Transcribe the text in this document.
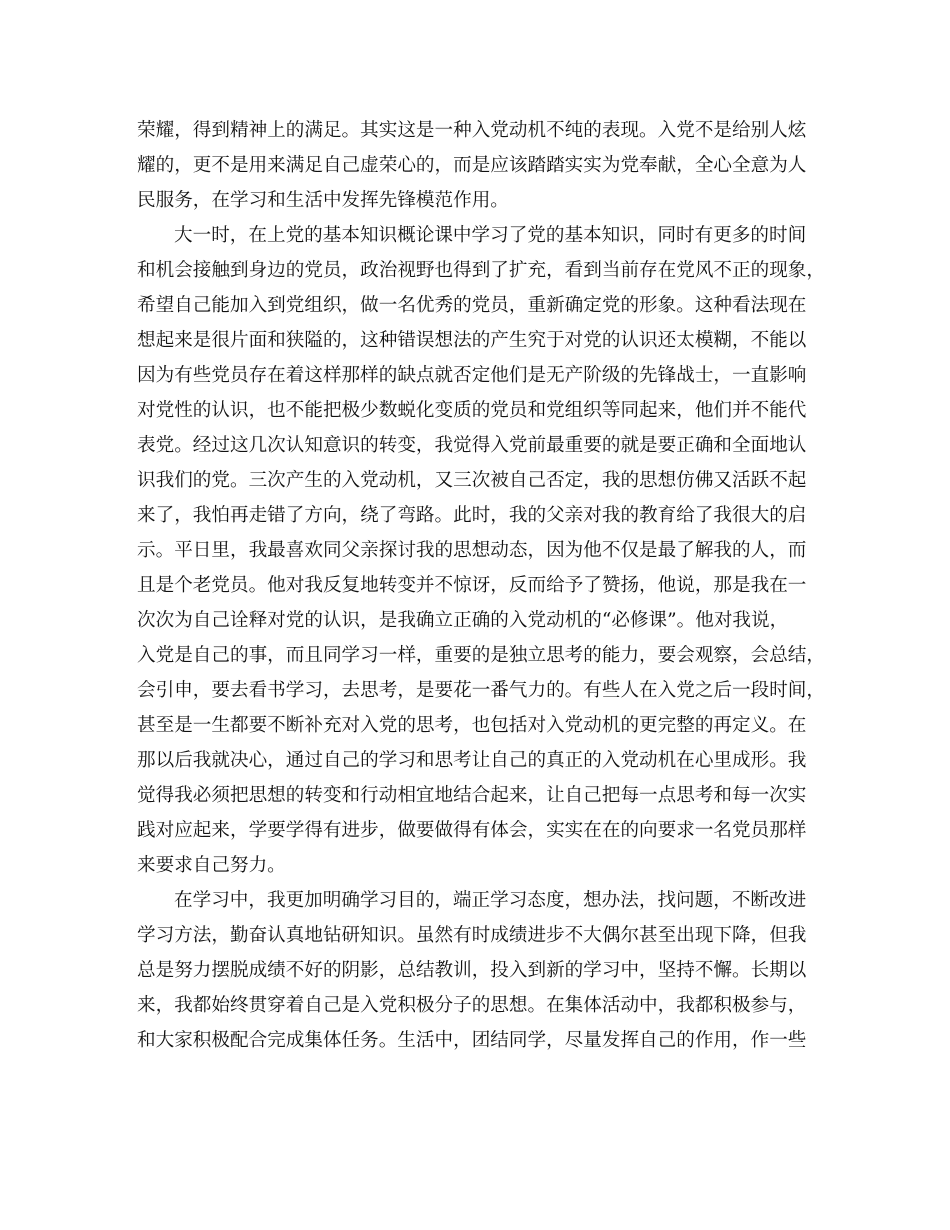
荣耀，得到精神上的满足。其实这是一种入党动机不纯的表现。入党不是给别人炫
耀的，更不是用来满足自己虚荣心的，而是应该踏踏实实为党奉献，全心全意为人
民服务，在学习和生活中发挥先锋模范作用。
大一时，在上党的基本知识概论课中学习了党的基本知识，同时有更多的时间
和机会接触到身边的党员，政治视野也得到了扩充，看到当前存在党风不正的现象，
希望自己能加入到党组织，做一名优秀的党员，重新确定党的形象。这种看法现在
想起来是很片面和狭隘的，这种错误想法的产生究于对党的认识还太模糊，不能以
因为有些党员存在着这样那样的缺点就否定他们是无产阶级的先锋战士，一直影响
对党性的认识，也不能把极少数蜕化变质的党员和党组织等同起来，他们并不能代
表党。经过这几次认知意识的转变，我觉得入党前最重要的就是要正确和全面地认
识我们的党。三次产生的入党动机，又三次被自己否定，我的思想仿佛又活跃不起
来了，我怕再走错了方向，绕了弯路。此时，我的父亲对我的教育给了我很大的启
示。平日里，我最喜欢同父亲探讨我的思想动态，因为他不仅是最了解我的人，而
且是个老党员。他对我反复地转变并不惊讶，反而给予了赞扬，他说，那是我在一
次次为自己诠释对党的认识，是我确立正确的入党动机的“必修课”。他对我说，
入党是自己的事，而且同学习一样，重要的是独立思考的能力，要会观察，会总结，
会引申，要去看书学习，去思考，是要花一番气力的。有些人在入党之后一段时间，
甚至是一生都要不断补充对入党的思考，也包括对入党动机的更完整的再定义。在
那以后我就决心，通过自己的学习和思考让自己的真正的入党动机在心里成形。我
觉得我必须把思想的转变和行动相宜地结合起来，让自己把每一点思考和每一次实
践对应起来，学要学得有进步，做要做得有体会，实实在在的向要求一名党员那样
来要求自己努力。
在学习中，我更加明确学习目的，端正学习态度，想办法，找问题，不断改进
学习方法，勤奋认真地钻研知识。虽然有时成绩进步不大偶尔甚至出现下降，但我
总是努力摆脱成绩不好的阴影，总结教训，投入到新的学习中，坚持不懈。长期以
来，我都始终贯穿着自己是入党积极分子的思想。在集体活动中，我都积极参与，
和大家积极配合完成集体任务。生活中，团结同学，尽量发挥自己的作用，作一些
